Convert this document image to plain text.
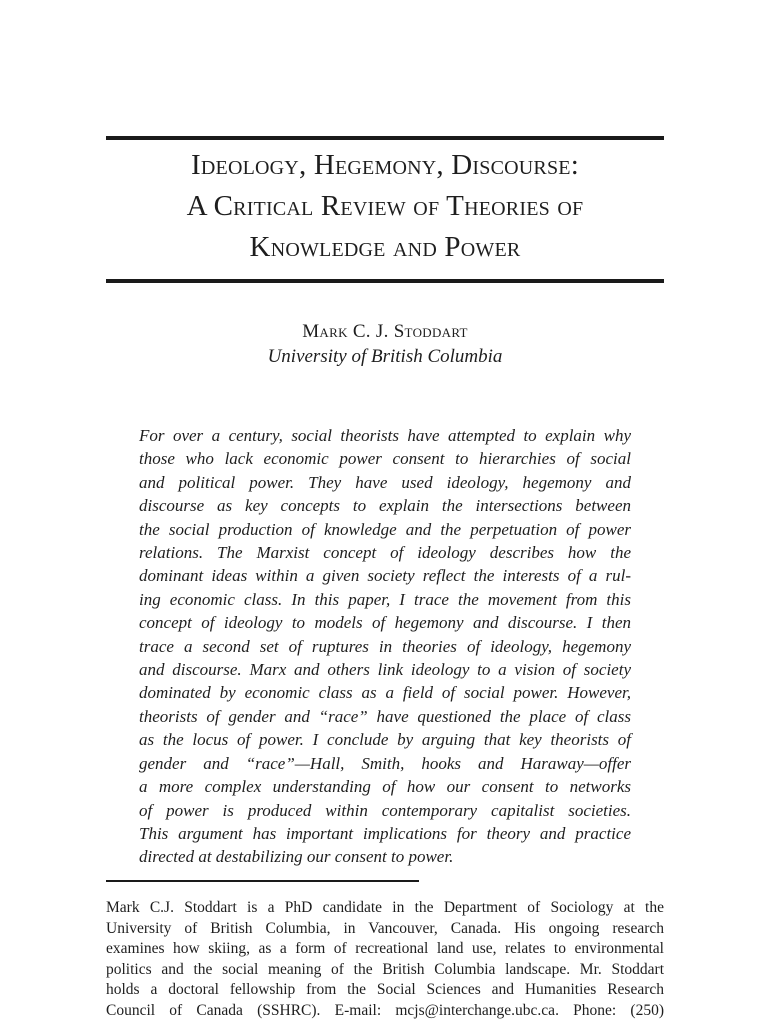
Ideology, Hegemony, Discourse:
A Critical Review of Theories of
Knowledge and Power
Mark C. J. Stoddart
University of British Columbia
For over a century, social theorists have attempted to explain why
those who lack economic power consent to hierarchies of social
and political power. They have used ideology, hegemony and
discourse as key concepts to explain the intersections between
the social production of knowledge and the perpetuation of power
relations. The Marxist concept of ideology describes how the
dominant ideas within a given society reflect the interests of a rul-
ing economic class. In this paper, I trace the movement from this
concept of ideology to models of hegemony and discourse. I then
trace a second set of ruptures in theories of ideology, hegemony
and discourse. Marx and others link ideology to a vision of society
dominated by economic class as a field of social power. However,
theorists of gender and “race” have questioned the place of class
as the locus of power. I conclude by arguing that key theorists of
gender and “race”—Hall, Smith, hooks and Haraway—offer
a more complex understanding of how our consent to networks
of power is produced within contemporary capitalist societies.
This argument has important implications for theory and practice
directed at destabilizing our consent to power.
Mark C.J. Stoddart is a PhD candidate in the Department of Sociology at the
University of British Columbia, in Vancouver, Canada. His ongoing research
examines how skiing, as a form of recreational land use, relates to environmental
politics and the social meaning of the British Columbia landscape. Mr. Stoddart
holds a doctoral fellowship from the Social Sciences and Humanities Research
Council of Canada (SSHRC). E-mail: mcjs@interchange.ubc.ca. Phone: (250)
